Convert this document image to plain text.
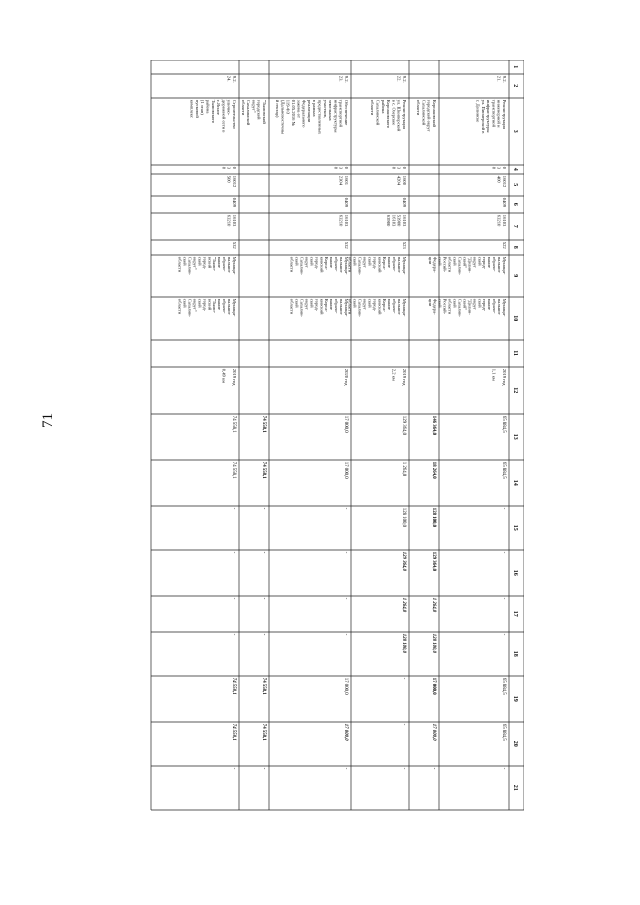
71
1
2
3
4
5
6
7
8
9
10
11
12
13
14
15
16
17
18
19
20
21
9.2.21.
Реконструкцияинженерной итранспортнойинфраструктурыул. Пионерской вг. Долинске
038
16012400
0409
1610363210
522
Муници-пальноеобразо-ваниегород-скойокруг"Долин-ский"Сахалин-скойобластиРоссий-скойФедера-ции
Муници-пальноеобразо-ваниегород-скойокруг"Долин-ский"Сахалин-скойобластиРоссий-скойФедера-ции
2019 год1,1 км
65 884,5
65 884,5
-
-
-
-
65 884,5
65 884,5
-
Корсаковскийгородской округСахалинскойобласти
146 364,0
18 264,0
128 100,0
129 364,0
1 264,0
128 100,0
17 000,0
17 000,0
-
9.2.22.
Реконструкцияул. Шкиперскойв с. ОзерскоеКорсаковскогорайонаСахалинскойобласти
038
16004204
0409
16103539001610363900
523
Муници-пальноеобразо-ваниеКорса-ковскийгород-скойокругСахалин-скойобласти
Муници-пальноеобразо-ваниеКорса-ковскийгород-скойокругСахалин-скойобласти
2019 год2,2 км
129 364,0
1 264,0
128 100,0
129 364,0
1 264,0
128 100,0
-
-
-
9.2.23.
Обеспечениетранспортнойинфраструктурыземельныхучастков,предоставленныхв рамкахреализацииФедеральногозакона от01.05.2016 №119-ФЗ(Дальневосточный гектар)
038
16012304
0409
1610363210
532
Муници-пальноеобразо-ваниеКорса-ковскийгород-скойокругСахалин-скойобласти
Муници-пальноеобразо-ваниеКорса-ковскийгород-скойокругСахалин-скойобласти
2020 год
17 000,0
17 000,0
-
-
-
-
17 000,0
17 000,0
-
"Тымовскийгородскойокруг"Сахалинскойобласти
74 558,1
74 558,1
-
-
-
-
74 558,1
74 558,1
-
9.2.24.
Строительствоулично-дорожной сети вс.ЯсноеТымовскогорайона(1 этап)пусковойкомплекс
038
16012500
0409
1610363210
532
Муници-пальноеобразо-вание"Тымо-вскийгород-скойокруг"Сахалин-скойобласти
Муници-пальноеобразо-вание"Тымо-вскийгород-скойокруг"Сахалин-скойобласти
2019 год0,49 км
74 558,1
74 558,1
-
-
-
-
74 558,1
74 558,1
-
